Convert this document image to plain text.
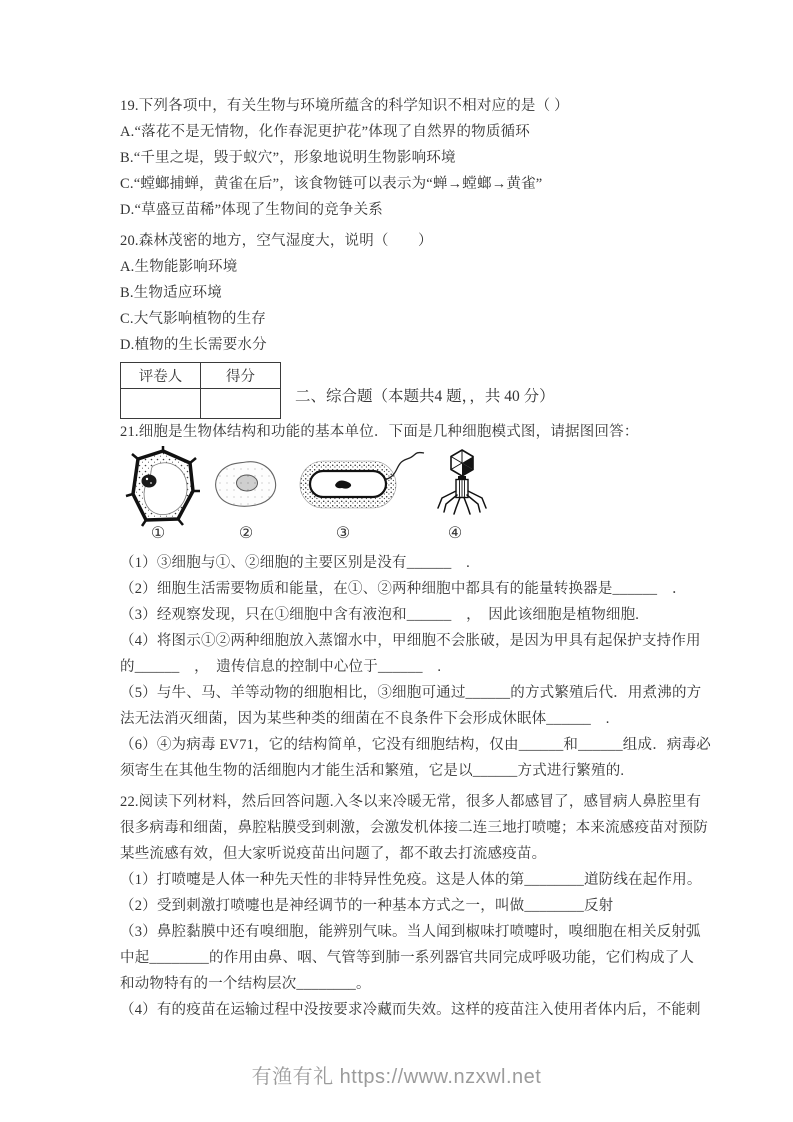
19.下列各项中，有关生物与环境所蕴含的科学知识不相对应的是（ ）

A.“落花不是无情物，化作春泥更护花”体现了自然界的物质循环

B.“千里之堤，毁于蚁穴”，形象地说明生物影响环境

C.“螳螂捕蝉，黄雀在后”，该食物链可以表示为“蝉→螳螂→黄雀”

D.“草盛豆苗稀”体现了生物间的竞争关系

20.森林茂密的地方，空气湿度大，说明（　　）

A.生物能影响环境

B.生物适应环境

C.大气影响植物的生存

D.植物的生长需要水分

评卷人	得分

二、综合题（本题共4 题，，共 40 分）

21.细胞是生物体结构和功能的基本单位．下面是几种细胞模式图，请据图回答：

①	②	③	④

（1）③细胞与①、②细胞的主要区别是没有______　.

（2）细胞生活需要物质和能量，在①、②两种细胞中都具有的能量转换器是______　．

（3）经观察发现，只在①细胞中含有液泡和______　，　因此该细胞是植物细胞.

（4）将图示①②两种细胞放入蒸馏水中，甲细胞不会胀破，是因为甲具有起保护支持作用

的______　，　遗传信息的控制中心位于______　.

（5）与牛、马、羊等动物的细胞相比，③细胞可通过______的方式繁殖后代．用煮沸的方

法无法消灭细菌，因为某些种类的细菌在不良条件下会形成休眠体______　.

（6）④为病毒 EV71，它的结构简单，它没有细胞结构，仅由______和______组成．病毒必

须寄生在其他生物的活细胞内才能生活和繁殖，它是以______方式进行繁殖的.

22.阅读下列材料，然后回答问题.入冬以来冷暖无常，很多人都感冒了，感冒病人鼻腔里有

很多病毒和细菌，鼻腔粘膜受到刺激，会激发机体接二连三地打喷嚏；本来流感疫苗对预防

某些流感有效，但大家听说疫苗出问题了，都不敢去打流感疫苗。

（1）打喷嚏是人体一种先天性的非特异性免疫。这是人体的第________道防线在起作用。

（2）受到刺激打喷嚏也是神经调节的一种基本方式之一，叫做________反射

（3）鼻腔黏膜中还有嗅细胞，能辨别气味。当人闻到椒味打喷嚏时，嗅细胞在相关反射弧

中起________的作用由鼻、咽、气管等到肺一系列器官共同完成呼吸功能，它们构成了人

和动物特有的一个结构层次________。

（4）有的疫苗在运输过程中没按要求冷藏而失效。这样的疫苗注入使用者体内后，不能刺

有渔有礼 https://www.nzxwl.net
